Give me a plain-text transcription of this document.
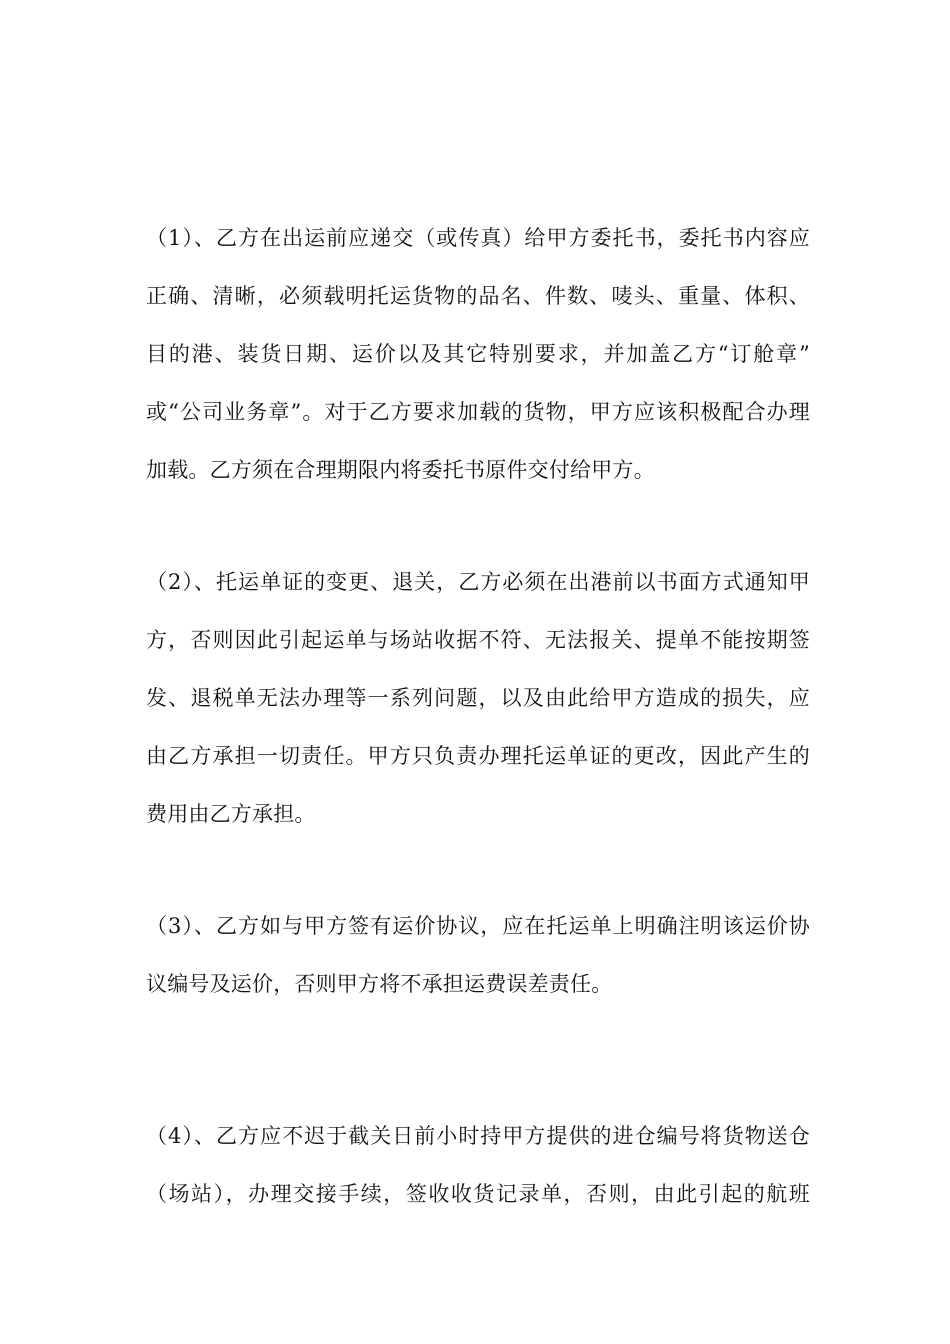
（1）、乙方在出运前应递交（或传真）给甲方委托书，委托书内容应
正确、清晰，必须载明托运货物的品名、件数、唛头、重量、体积、
目的港、装货日期、运价以及其它特别要求，并加盖乙方“订舱章”
或“公司业务章”。对于乙方要求加载的货物，甲方应该积极配合办理
加载。乙方须在合理期限内将委托书原件交付给甲方。
（2）、托运单证的变更、退关，乙方必须在出港前以书面方式通知甲
方，否则因此引起运单与场站收据不符、无法报关、提单不能按期签
发、退税单无法办理等一系列问题，以及由此给甲方造成的损失，应
由乙方承担一切责任。甲方只负责办理托运单证的更改，因此产生的
费用由乙方承担。
（3）、乙方如与甲方签有运价协议，应在托运单上明确注明该运价协
议编号及运价，否则甲方将不承担运费误差责任。
（4）、乙方应不迟于截关日前小时持甲方提供的进仓编号将货物送仓
（场站），办理交接手续，签收收货记录单，否则，由此引起的航班
